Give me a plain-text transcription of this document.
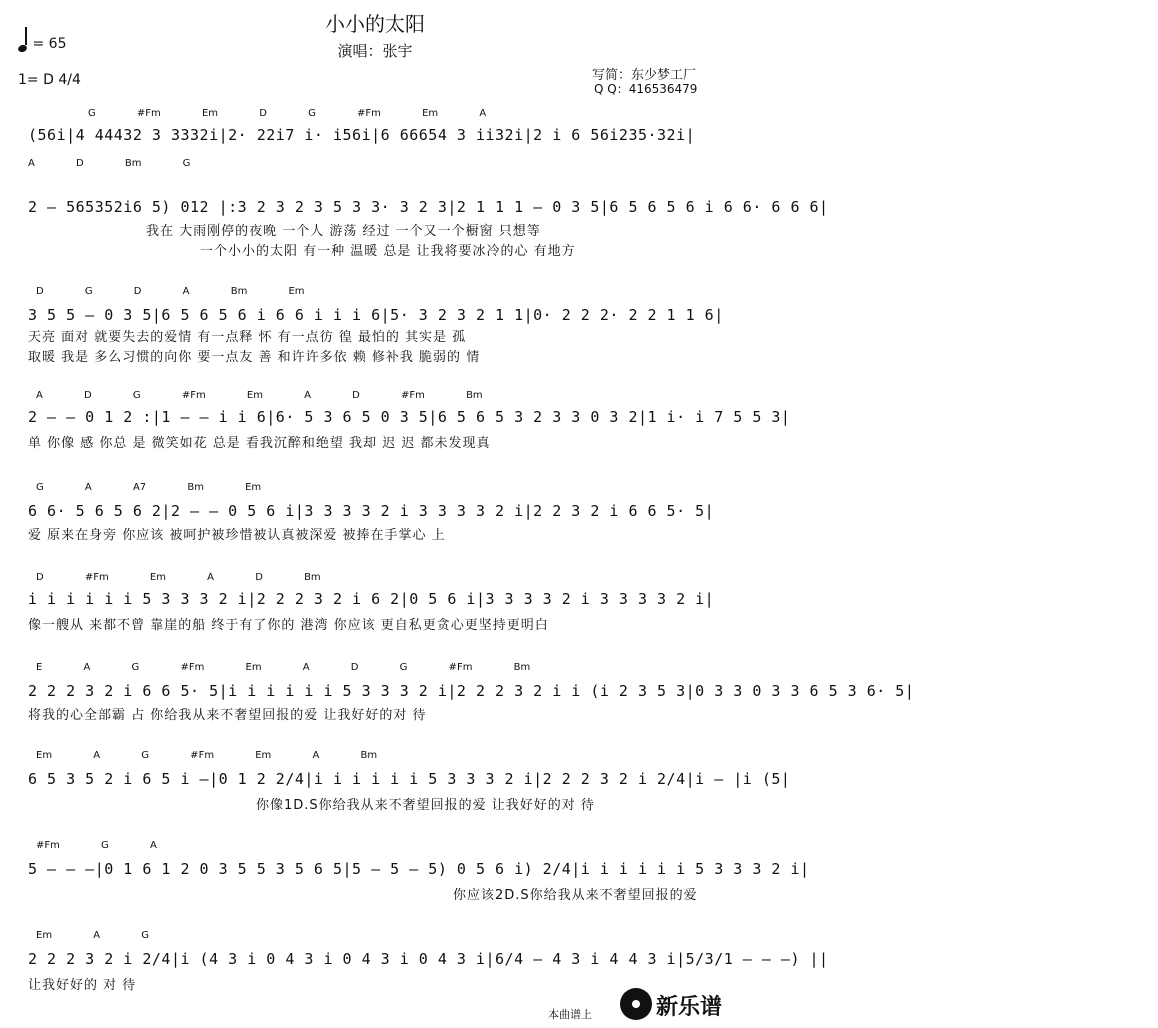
小小的太阳
演唱：张宇
= 65
1= D 4/4	写简：东少梦工厂
Q Q：416536479
G #Fm Em D G #Fm Em A
(56i|4 44432 3 3332i|2· 22i7 i· i56i|6 66654 3 ii32i|2 i 6 56i235·32i|
A D Bm G
2 — 565352i6 5) 012 |:3 2 3 2 3 5 3 3· 3 2 3|2 1 1 1 — 0 3 5|6 5 6 5 6 i 6 6· 6 6 6|
我在 大雨刚停的夜晚 一个人 游荡 经过 一个又一个橱窗 只想等
一个小小的太阳 有一种 温暖 总是 让我将要冰冷的心 有地方
D G D A Bm Em
3 5 5 — 0 3 5|6 5 6 5 6 i 6 6 i i i 6|5· 3 2 3 2 1 1|0· 2 2 2· 2 2 1 1 6|
天亮 面对 就要失去的爱情 有一点释 怀 有一点彷 徨 最怕的 其实是 孤
取暖 我是 多么习惯的向你 要一点友 善 和许许多依 赖 修补我 脆弱的 情
A D G #Fm Em A D #Fm Bm
2 — — 0 1 2 :|1 — — i i 6|6· 5 3 6 5 0 3 5|6 5 6 5 3 2 3 3 0 3 2|1 i· i 7 5 5 3|
单 你像 感 你总 是 微笑如花 总是 看我沉醉和绝望 我却 迟 迟 都未发现真
G A A7 Bm Em
6 6· 5 6 5 6 2|2 — — 0 5 6 i|3 3 3 3 2 i 3 3 3 3 2 i|2 2 3 2 i 6 6 5· 5|
爱 原来在身旁 你应该 被呵护被珍惜被认真被深爱 被捧在手掌心 上
D #Fm Em A D Bm
i i i i i i 5 3 3 3 2 i|2 2 2 3 2 i 6 2|0 5 6 i|3 3 3 3 2 i 3 3 3 3 2 i|
像一艘从 来都不曾 靠崖的船 终于有了你的 港湾 你应该 更自私更贪心更坚持更明白
E A G #Fm Em A D G #Fm Bm
2 2 2 3 2 i 6 6 5· 5|i i i i i i 5 3 3 3 2 i|2 2 2 3 2 i i (i 2 3 5 3|0 3 3 0 3 3 6 5 3 6· 5|
将我的心全部霸 占 你给我从来不奢望回报的爱 让我好好的对 待
Em A G #Fm Em A Bm
6 5 3 5 2 i 6 5 i —|0 1 2 2/4|i i i i i i 5 3 3 3 2 i|2 2 2 3 2 i 2/4|i — |i (5|
你像1D.S你给我从来不奢望回报的爱 让我好好的对 待
#Fm G A
5 — — —|0 1 6 1 2 0 3 5 5 3 5 6 5|5 — 5 — 5) 0 5 6 i) 2/4|i i i i i i 5 3 3 3 2 i|
你应该2D.S你给我从来不奢望回报的爱
Em A G
2 2 2 3 2 i 2/4|i (4 3 i 0 4 3 i 0 4 3 i 0 4 3 i|6/4 — 4 3 i 4 4 3 i|5/3/1 — — —) ||
让我好好的 对 待
本曲谱上	新乐谱
